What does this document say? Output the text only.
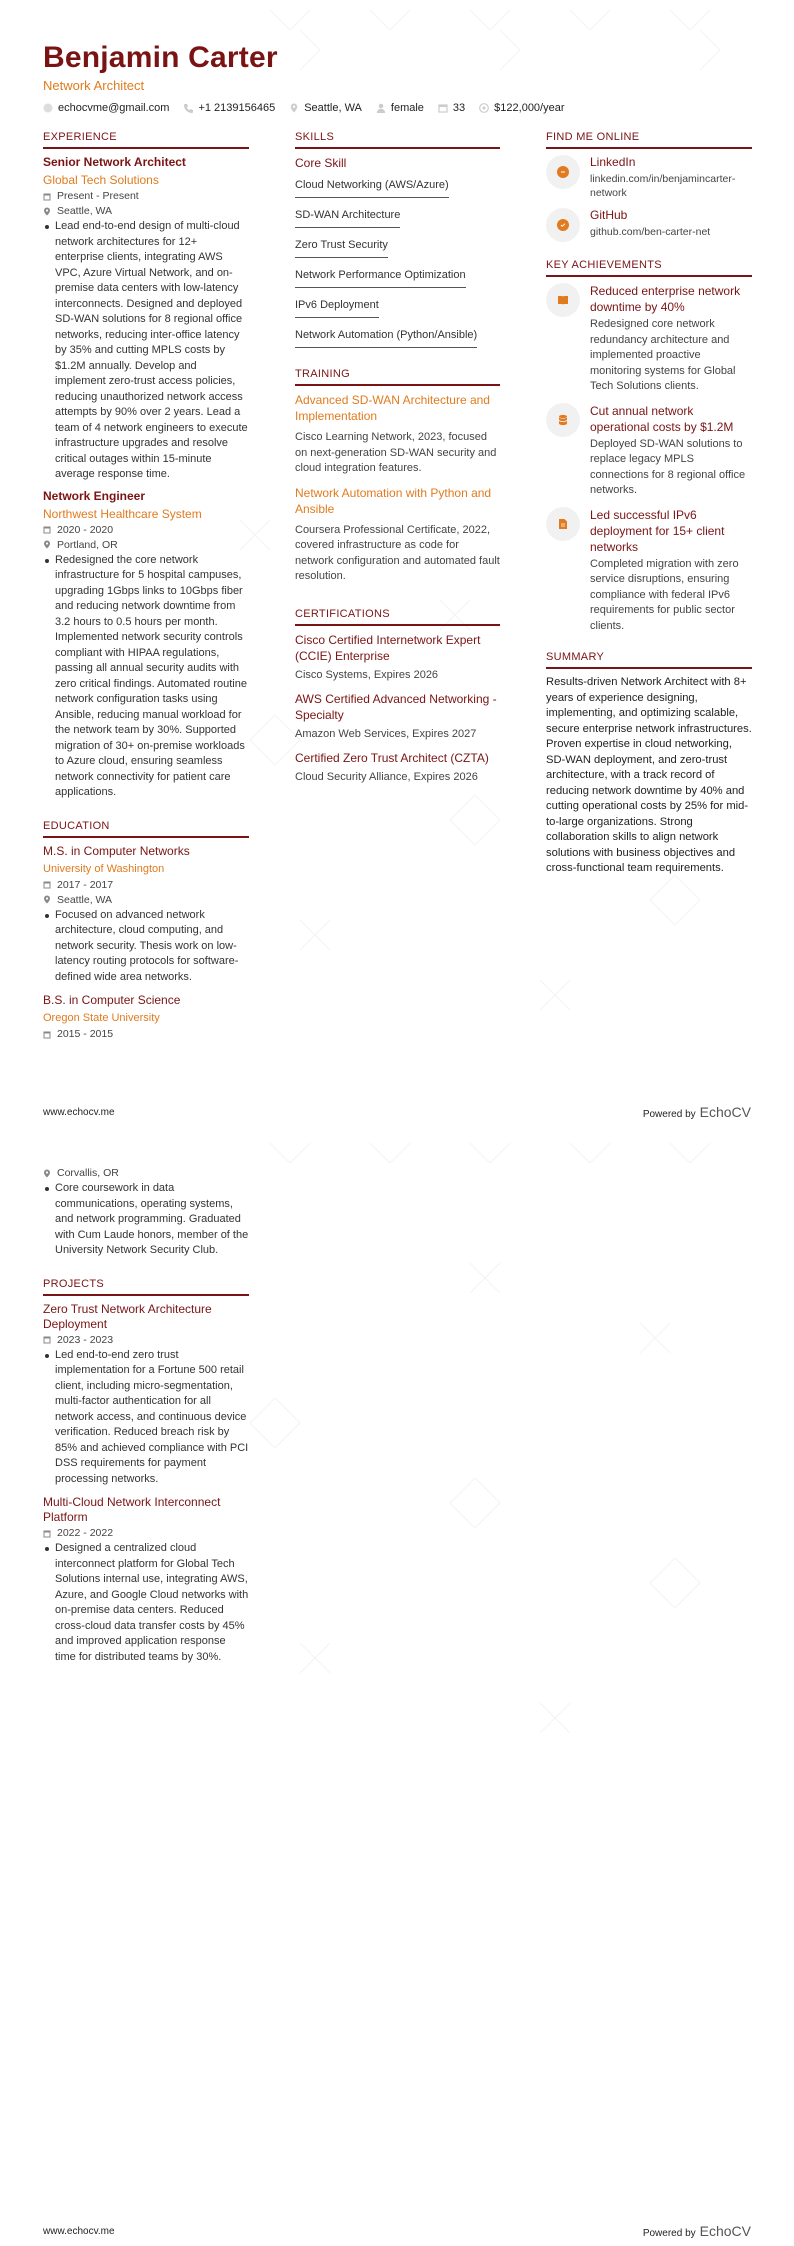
Benjamin Carter
Network Architect
echocvme@gmail.com	+1 2139156465	Seattle, WA	female	33	$122,000/year
EXPERIENCE
Senior Network Architect
Global Tech Solutions
Present - Present
Seattle, WA
Lead end-to-end design of multi-cloud network architectures for 12+ enterprise clients, integrating AWS VPC, Azure Virtual Network, and on-premise data centers with low-latency interconnects. Designed and deployed SD-WAN solutions for 8 regional office networks, reducing inter-office latency by 35% and cutting MPLS costs by $1.2M annually. Develop and implement zero-trust access policies, reducing unauthorized network access attempts by 90% over 2 years. Lead a team of 4 network engineers to execute infrastructure upgrades and resolve critical outages within 15-minute average response time.
Network Engineer
Northwest Healthcare System
2020 - 2020
Portland, OR
Redesigned the core network infrastructure for 5 hospital campuses, upgrading 1Gbps links to 10Gbps fiber and reducing network downtime from 3.2 hours to 0.5 hours per month. Implemented network security controls compliant with HIPAA regulations, passing all annual security audits with zero critical findings. Automated routine network configuration tasks using Ansible, reducing manual workload for the network team by 30%. Supported migration of 30+ on-premise workloads to Azure cloud, ensuring seamless network connectivity for patient care applications.
EDUCATION
M.S. in Computer Networks
University of Washington
2017 - 2017
Seattle, WA
Focused on advanced network architecture, cloud computing, and network security. Thesis work on low-latency routing protocols for software-defined wide area networks.
B.S. in Computer Science
Oregon State University
2015 - 2015
SKILLS
Core Skill
Cloud Networking (AWS/Azure)
SD-WAN Architecture
Zero Trust Security
Network Performance Optimization
IPv6 Deployment
Network Automation (Python/Ansible)
TRAINING
Advanced SD-WAN Architecture and Implementation
Cisco Learning Network, 2023, focused on next-generation SD-WAN security and cloud integration features.
Network Automation with Python and Ansible
Coursera Professional Certificate, 2022, covered infrastructure as code for network configuration and automated fault resolution.
CERTIFICATIONS
Cisco Certified Internetwork Expert (CCIE) Enterprise
Cisco Systems, Expires 2026
AWS Certified Advanced Networking - Specialty
Amazon Web Services, Expires 2027
Certified Zero Trust Architect (CZTA)
Cloud Security Alliance, Expires 2026
FIND ME ONLINE
LinkedIn
linkedin.com/in/benjamincarter-network
GitHub
github.com/ben-carter-net
KEY ACHIEVEMENTS
Reduced enterprise network downtime by 40%
Redesigned core network redundancy architecture and implemented proactive monitoring systems for Global Tech Solutions clients.
Cut annual network operational costs by $1.2M
Deployed SD-WAN solutions to replace legacy MPLS connections for 8 regional office networks.
Led successful IPv6 deployment for 15+ client networks
Completed migration with zero service disruptions, ensuring compliance with federal IPv6 requirements for public sector clients.
SUMMARY
Results-driven Network Architect with 8+ years of experience designing, implementing, and optimizing scalable, secure enterprise network infrastructures. Proven expertise in cloud networking, SD-WAN deployment, and zero-trust architecture, with a track record of reducing network downtime by 40% and cutting operational costs by 25% for mid-to-large organizations. Strong collaboration skills to align network solutions with business objectives and cross-functional team requirements.
www.echocv.me	Powered by EchoCV
Corvallis, OR
Core coursework in data communications, operating systems, and network programming. Graduated with Cum Laude honors, member of the University Network Security Club.
PROJECTS
Zero Trust Network Architecture Deployment
2023 - 2023
Led end-to-end zero trust implementation for a Fortune 500 retail client, including micro-segmentation, multi-factor authentication for all network access, and continuous device verification. Reduced breach risk by 85% and achieved compliance with PCI DSS requirements for payment processing networks.
Multi-Cloud Network Interconnect Platform
2022 - 2022
Designed a centralized cloud interconnect platform for Global Tech Solutions internal use, integrating AWS, Azure, and Google Cloud networks with on-premise data centers. Reduced cross-cloud data transfer costs by 45% and improved application response time for distributed teams by 30%.
www.echocv.me	Powered by EchoCV
